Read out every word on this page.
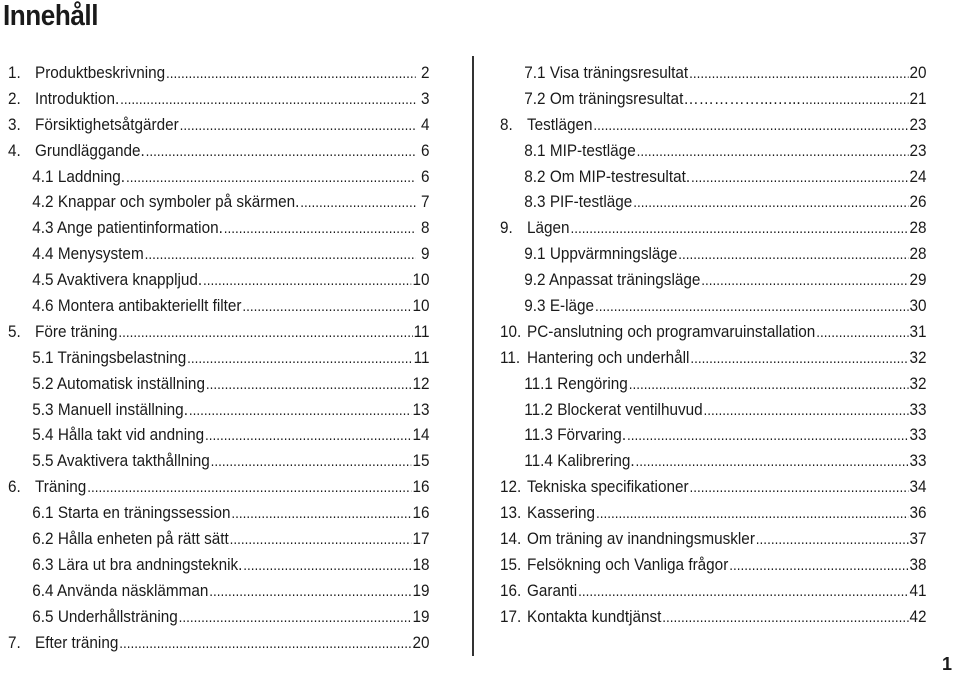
Innehåll
1. Produktbeskrivning .....	2
2. Introduktion. .....	3
3. Försiktighetsåtgärder .....	4
4. Grundläggande. .....	6
4.1 Laddning. .....	6
4.2 Knappar och symboler på skärmen. .....	7
4.3 Ange patientinformation. .....	8
4.4 Menysystem .....	9
4.5 Avaktivera knappljud. .....	10
4.6 Montera antibakteriellt filter .....	10
5. Före träning .....	11
5.1 Träningsbelastning .....	11
5.2 Automatisk inställning .....	12
5.3 Manuell inställning. .....	13
5.4 Hålla takt vid andning .....	14
5.5 Avaktivera takthållning .....	15
6. Träning .....	16
6.1 Starta en träningssession .....	16
6.2 Hålla enheten på rätt sätt .....	17
6.3 Lära ut bra andningsteknik. .....	18
6.4 Använda näsklämman .....	19
6.5 Underhållsträning .....	19
7. Efter träning .....	20
7.1 Visa träningsresultat .....	20
7.2 Om träningsresultat……………...…... .....	21
8. Testlägen .....	23
8.1 MIP-testläge .....	23
8.2 Om MIP-testresultat. .....	24
8.3 PIF-testläge .....	26
9. Lägen .....	28
9.1 Uppvärmningsläge .....	28
9.2 Anpassat träningsläge .....	29
9.3 E-läge .....	30
10. PC-anslutning och programvaruinstallation .....	31
11. Hantering och underhåll .....	32
11.1 Rengöring .....	32
11.2 Blockerat ventilhuvud .....	33
11.3 Förvaring. .....	33
11.4 Kalibrering. .....	33
12. Tekniska specifikationer .....	34
13. Kassering .....	36
14. Om träning av inandningsmuskler .....	37
15. Felsökning och Vanliga frågor .....	38
16. Garanti .....	41
17. Kontakta kundtjänst .....	42
1
